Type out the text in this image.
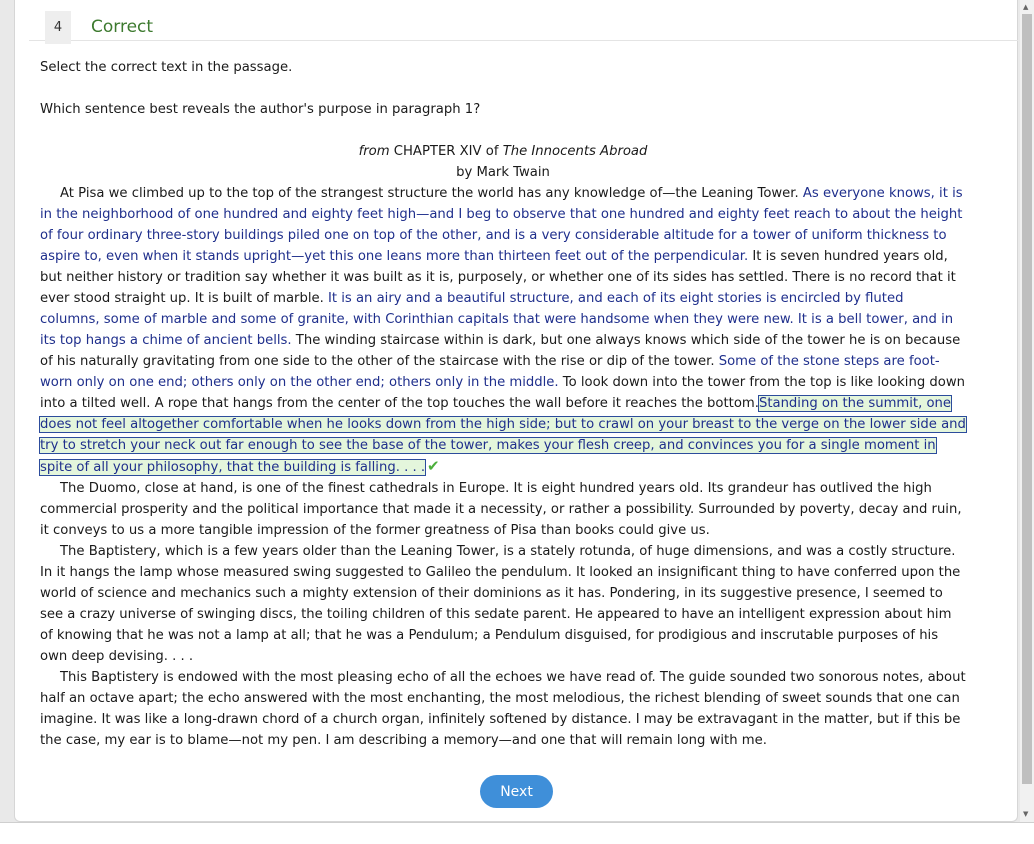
4	Correct

Select the correct text in the passage.

Which sentence best reveals the author's purpose in paragraph 1?

from CHAPTER XIV of The Innocents Abroad
by Mark Twain

At Pisa we climbed up to the top of the strangest structure the world has any knowledge of—the Leaning Tower. As everyone knows, it is in the neighborhood of one hundred and eighty feet high—and I beg to observe that one hundred and eighty feet reach to about the height of four ordinary three-story buildings piled one on top of the other, and is a very considerable altitude for a tower of uniform thickness to aspire to, even when it stands upright—yet this one leans more than thirteen feet out of the perpendicular. It is seven hundred years old, but neither history or tradition say whether it was built as it is, purposely, or whether one of its sides has settled. There is no record that it ever stood straight up. It is built of marble. It is an airy and a beautiful structure, and each of its eight stories is encircled by fluted columns, some of marble and some of granite, with Corinthian capitals that were handsome when they were new. It is a bell tower, and in its top hangs a chime of ancient bells. The winding staircase within is dark, but one always knows which side of the tower he is on because of his naturally gravitating from one side to the other of the staircase with the rise or dip of the tower. Some of the stone steps are foot-worn only on one end; others only on the other end; others only in the middle. To look down into the tower from the top is like looking down into a tilted well. A rope that hangs from the center of the top touches the wall before it reaches the bottom.Standing on the summit, one does not feel altogether comfortable when he looks down from the high side; but to crawl on your breast to the verge on the lower side and try to stretch your neck out far enough to see the base of the tower, makes your flesh creep, and convinces you for a single moment in spite of all your philosophy, that the building is falling. . . . ✔

The Duomo, close at hand, is one of the finest cathedrals in Europe. It is eight hundred years old. Its grandeur has outlived the high commercial prosperity and the political importance that made it a necessity, or rather a possibility. Surrounded by poverty, decay and ruin, it conveys to us a more tangible impression of the former greatness of Pisa than books could give us.

The Baptistery, which is a few years older than the Leaning Tower, is a stately rotunda, of huge dimensions, and was a costly structure. In it hangs the lamp whose measured swing suggested to Galileo the pendulum. It looked an insignificant thing to have conferred upon the world of science and mechanics such a mighty extension of their dominions as it has. Pondering, in its suggestive presence, I seemed to see a crazy universe of swinging discs, the toiling children of this sedate parent. He appeared to have an intelligent expression about him of knowing that he was not a lamp at all; that he was a Pendulum; a Pendulum disguised, for prodigious and inscrutable purposes of his own deep devising. . . .

This Baptistery is endowed with the most pleasing echo of all the echoes we have read of. The guide sounded two sonorous notes, about half an octave apart; the echo answered with the most enchanting, the most melodious, the richest blending of sweet sounds that one can imagine. It was like a long-drawn chord of a church organ, infinitely softened by distance. I may be extravagant in the matter, but if this be the case, my ear is to blame—not my pen. I am describing a memory—and one that will remain long with me.

Next
▲
▼
